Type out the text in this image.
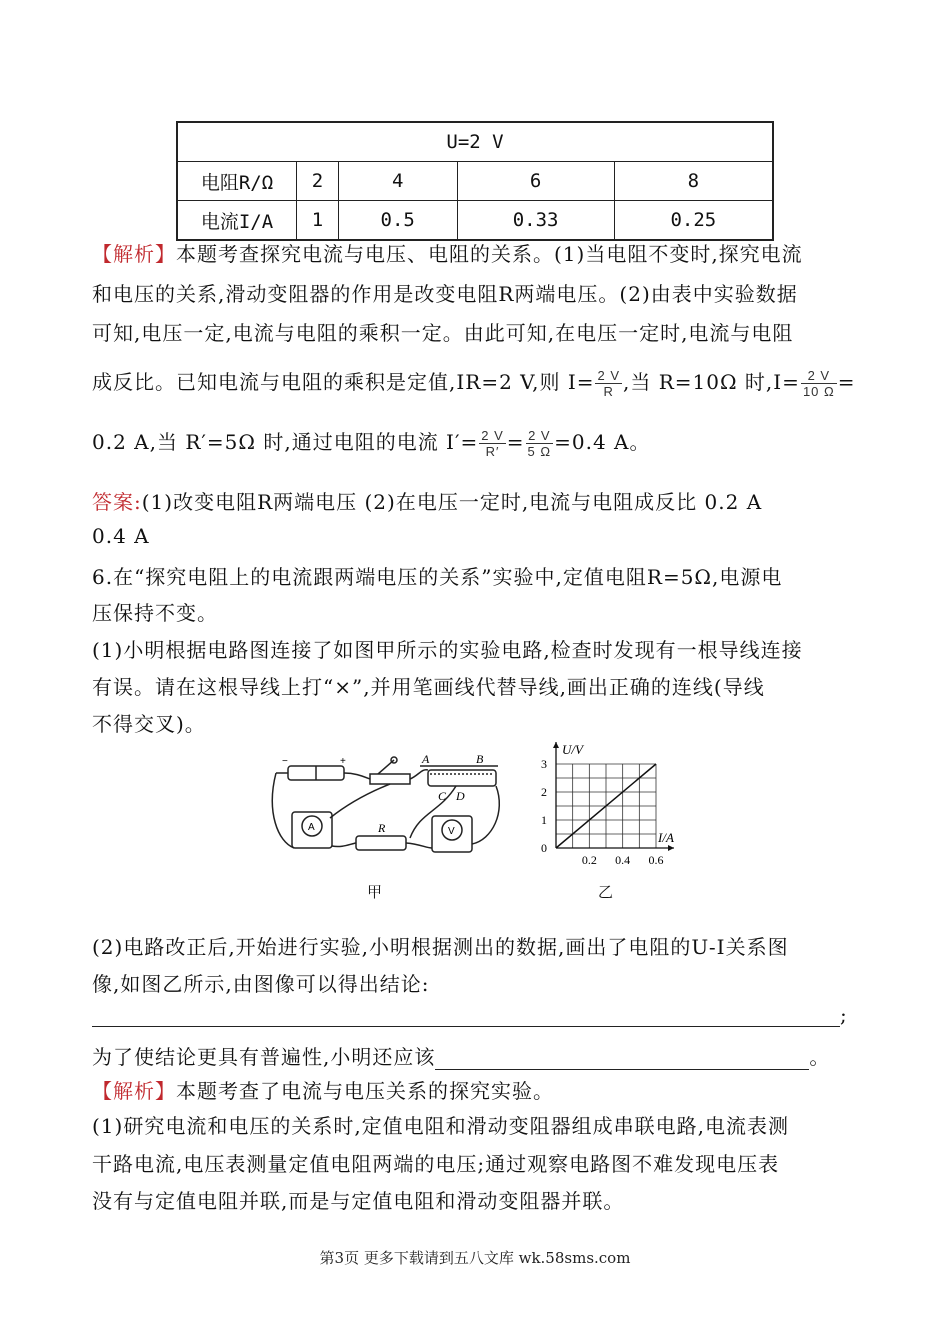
U=2 V				
电阻R/Ω	2	4	6	8
电流I/A	1	0.5	0.33	0.25
【解析】本题考查探究电流与电压、电阻的关系。(1)当电阻不变时,探究电流
和电压的关系,滑动变阻器的作用是改变电阻R两端电压。(2)由表中实验数据
可知,电压一定,电流与电阻的乘积一定。由此可知,在电压一定时,电流与电阻
成反比。已知电流与电阻的乘积是定值,IR=2 V,则 $I= \frac{2 V}{R}$ ,当 R=10Ω 时$,I= \frac{2 V}{10 \Omega}$ =
0.2 A,当 R′=5Ω 时,通过电阻的电流 $I'= \frac{2 V}{R'} = \frac{2 V}{5 \Omega} =0.4$ A。
答案:(1)改变电阻R两端电压 (2)在电压一定时,电流与电阻成反比 0.2 A
0.4 A
6.在“探究电阻上的电流跟两端电压的关系”实验中,定值电阻R=5Ω,电源电
压保持不变。
(1)小明根据电路图连接了如图甲所示的实验电路,检查时发现有一根导线连接
有误。请在这根导线上打“×”,并用笔画线代替导线,画出正确的连线(导线
不得交叉)。
+
−	A	B
C D
R
A	V
甲
0
1
2
3
0.2 0.4 0.6
I/A
U/V
乙
(2)电路改正后,开始进行实验,小明根据测出的数据,画出了电阻的U-I关系图
像,如图乙所示,由图像可以得出结论:
;
为了使结论更具有普遍性,小明还应该	。
【解析】本题考查了电流与电压关系的探究实验。
(1)研究电流和电压的关系时,定值电阻和滑动变阻器组成串联电路,电流表测
干路电流,电压表测量定值电阻两端的电压;通过观察电路图不难发现电压表
没有与定值电阻并联,而是与定值电阻和滑动变阻器并联。
第3页 更多下载请到五八文库 wk.58sms.com
